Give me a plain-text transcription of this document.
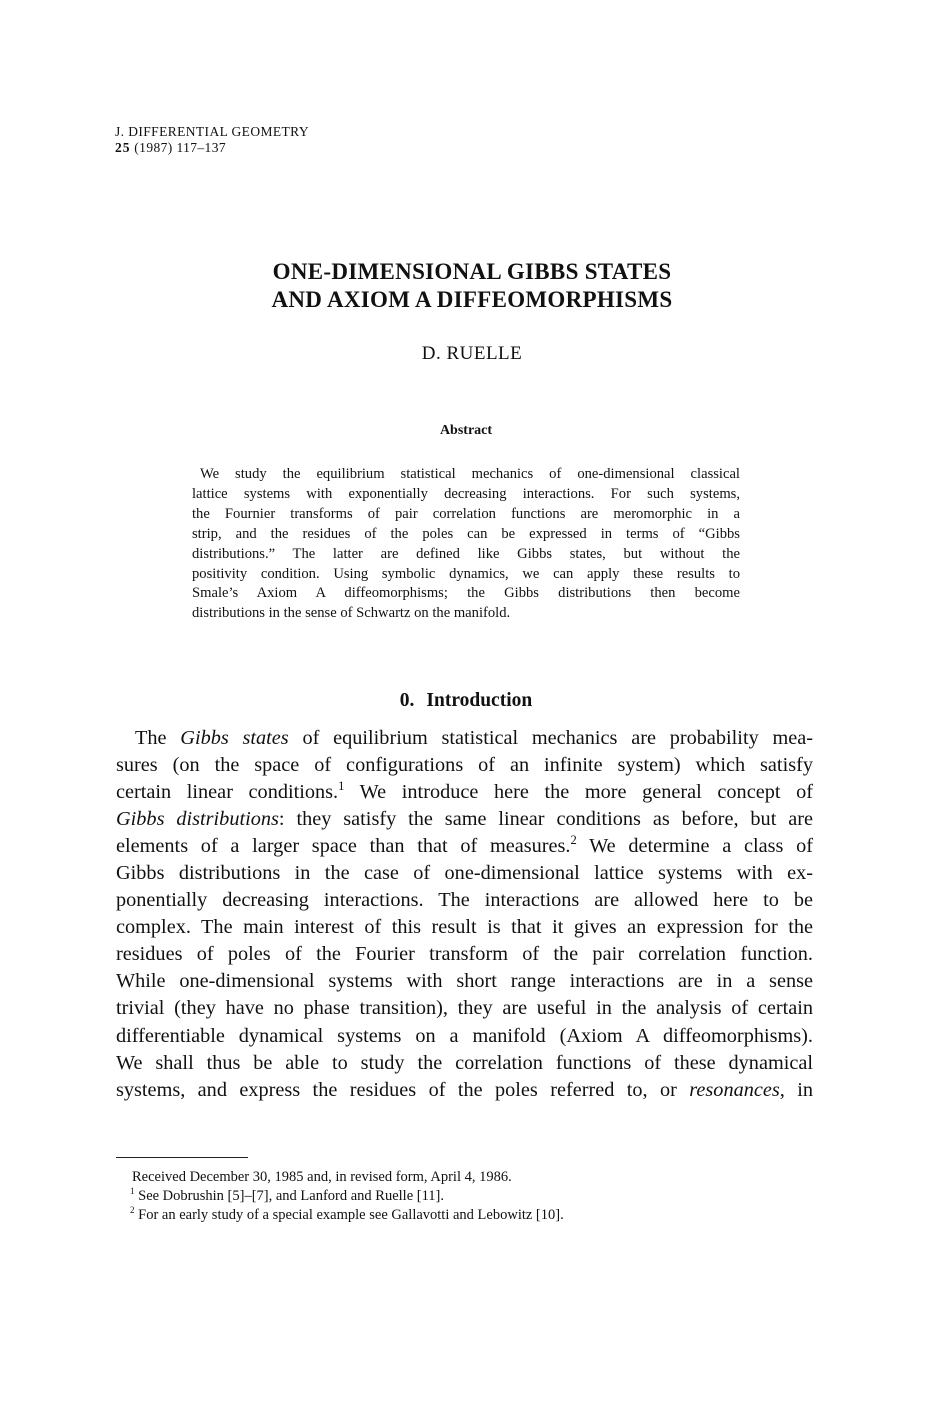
J. DIFFERENTIAL GEOMETRY
25 (1987) 117–137
ONE-DIMENSIONAL GIBBS STATES
AND AXIOM A DIFFEOMORPHISMS
D. RUELLE
Abstract
We study the equilibrium statistical mechanics of one-dimensional classical
lattice systems with exponentially decreasing interactions. For such systems,
the Fournier transforms of pair correlation functions are meromorphic in a
strip, and the residues of the poles can be expressed in terms of “Gibbs
distributions.” The latter are defined like Gibbs states, but without the
positivity condition. Using symbolic dynamics, we can apply these results to
Smale’s Axiom A diffeomorphisms; the Gibbs distributions then become
distributions in the sense of Schwartz on the manifold.
0. Introduction
The Gibbs states of equilibrium statistical mechanics are probability mea-
sures (on the space of configurations of an infinite system) which satisfy
certain linear conditions.$^1$ We introduce here the more general concept of
Gibbs distributions: they satisfy the same linear conditions as before, but are
elements of a larger space than that of measures.$^2$ We determine a class of
Gibbs distributions in the case of one-dimensional lattice systems with ex-
ponentially decreasing interactions. The interactions are allowed here to be
complex. The main interest of this result is that it gives an expression for the
residues of poles of the Fourier transform of the pair correlation function.
While one-dimensional systems with short range interactions are in a sense
trivial (they have no phase transition), they are useful in the analysis of certain
differentiable dynamical systems on a manifold (Axiom A diffeomorphisms).
We shall thus be able to study the correlation functions of these dynamical
systems, and express the residues of the poles referred to, or resonances, in
Received December 30, 1985 and, in revised form, April 4, 1986.
$^1$ See Dobrushin [5]–[7], and Lanford and Ruelle [11].
$^2$ For an early study of a special example see Gallavotti and Lebowitz [10].
